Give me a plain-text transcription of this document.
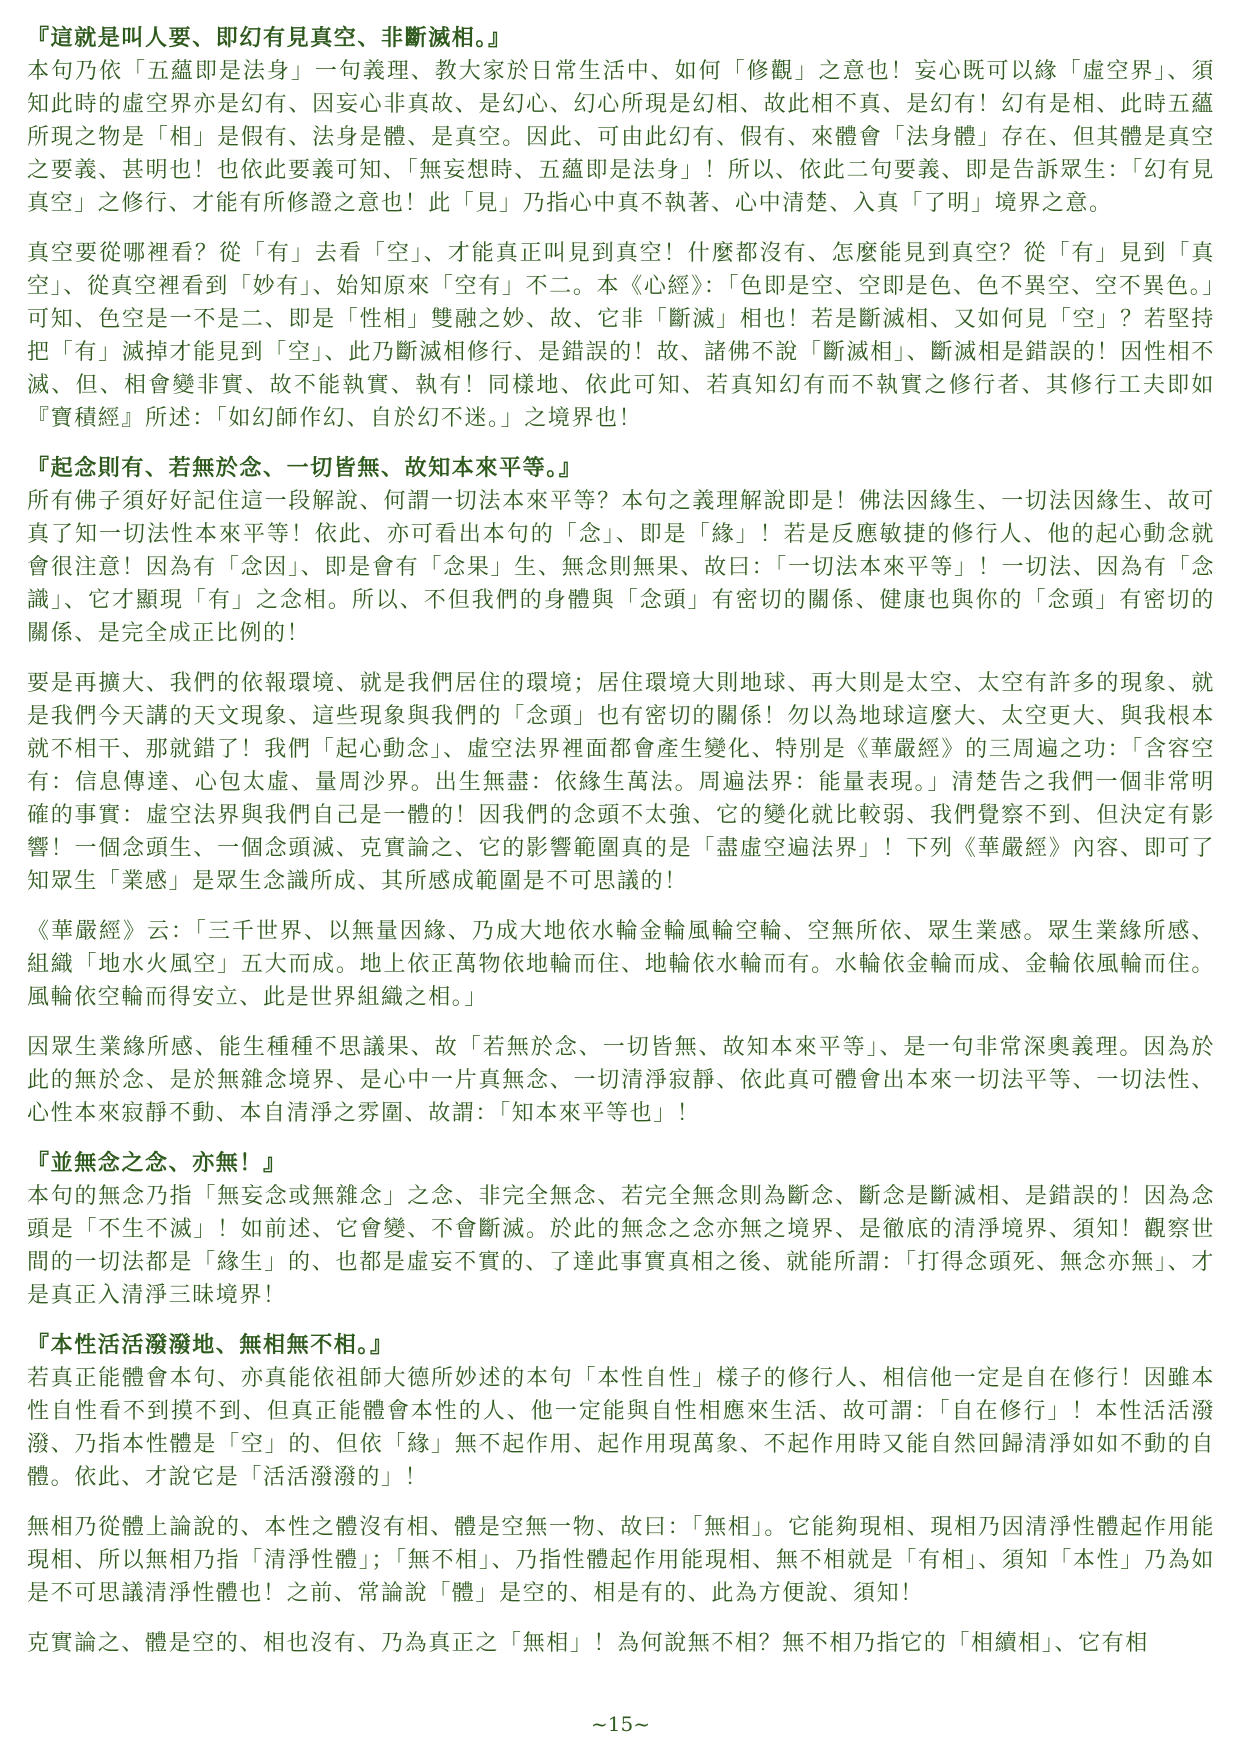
『這就是叫人要、即幻有見真空、非斷滅相。』

本句乃依「五蘊即是法身」一句義理、教大家於日常生活中、如何「修觀」之意也！妄心既可以緣「虛空界」、須知此時的虛空界亦是幻有、因妄心非真故、是幻心、幻心所現是幻相、故此相不真、是幻有！幻有是相、此時五蘊所現之物是「相」是假有、法身是體、是真空。因此、可由此幻有、假有、來體會「法身體」存在、但其體是真空之要義、甚明也！也依此要義可知、「無妄想時、五蘊即是法身」！所以、依此二句要義、即是告訴眾生：「幻有見真空」之修行、才能有所修證之意也！此「見」乃指心中真不執著、心中清楚、入真「了明」境界之意。

真空要從哪裡看？從「有」去看「空」、才能真正叫見到真空！什麼都沒有、怎麼能見到真空？從「有」見到「真空」、從真空裡看到「妙有」、始知原來「空有」不二。本《心經》：「色即是空、空即是色、色不異空、空不異色。」可知、色空是一不是二、即是「性相」雙融之妙、故、它非「斷滅」相也！若是斷滅相、又如何見「空」？若堅持把「有」滅掉才能見到「空」、此乃斷滅相修行、是錯誤的！故、諸佛不說「斷滅相」、斷滅相是錯誤的！因性相不滅、但、相會變非實、故不能執實、執有！同樣地、依此可知、若真知幻有而不執實之修行者、其修行工夫即如『寶積經』所述：「如幻師作幻、自於幻不迷。」之境界也！

『起念則有、若無於念、一切皆無、故知本來平等。』

所有佛子須好好記住這一段解說、何謂一切法本來平等？本句之義理解說即是！佛法因緣生、一切法因緣生、故可真了知一切法性本來平等！依此、亦可看出本句的「念」、即是「緣」！若是反應敏捷的修行人、他的起心動念就會很注意！因為有「念因」、即是會有「念果」生、無念則無果、故曰：「一切法本來平等」！一切法、因為有「念識」、它才顯現「有」之念相。所以、不但我們的身體與「念頭」有密切的關係、健康也與你的「念頭」有密切的關係、是完全成正比例的！

要是再擴大、我們的依報環境、就是我們居住的環境；居住環境大則地球、再大則是太空、太空有許多的現象、就是我們今天講的天文現象、這些現象與我們的「念頭」也有密切的關係！勿以為地球這麼大、太空更大、與我根本就不相干、那就錯了！我們「起心動念」、虛空法界裡面都會產生變化、特別是《華嚴經》的三周遍之功：「含容空有：信息傳達、心包太虛、量周沙界。出生無盡：依緣生萬法。周遍法界：能量表現。」清楚告之我們一個非常明確的事實：虛空法界與我們自己是一體的！因我們的念頭不太強、它的變化就比較弱、我們覺察不到、但決定有影響！一個念頭生、一個念頭滅、克實論之、它的影響範圍真的是「盡虛空遍法界」！下列《華嚴經》內容、即可了知眾生「業感」是眾生念識所成、其所感成範圍是不可思議的！

《華嚴經》云：「三千世界、以無量因緣、乃成大地依水輪金輪風輪空輪、空無所依、眾生業感。眾生業緣所感、組織「地水火風空」五大而成。地上依正萬物依地輪而住、地輪依水輪而有。水輪依金輪而成、金輪依風輪而住。風輪依空輪而得安立、此是世界組織之相。」

因眾生業緣所感、能生種種不思議果、故「若無於念、一切皆無、故知本來平等」、是一句非常深奧義理。因為於此的無於念、是於無雜念境界、是心中一片真無念、一切清淨寂靜、依此真可體會出本來一切法平等、一切法性、心性本來寂靜不動、本自清淨之雰圍、故謂：「知本來平等也」！

『並無念之念、亦無！』

本句的無念乃指「無妄念或無雜念」之念、非完全無念、若完全無念則為斷念、斷念是斷滅相、是錯誤的！因為念頭是「不生不滅」！如前述、它會變、不會斷滅。於此的無念之念亦無之境界、是徹底的清淨境界、須知！觀察世間的一切法都是「緣生」的、也都是虛妄不實的、了達此事實真相之後、就能所謂：「打得念頭死、無念亦無」、才是真正入清淨三昧境界！

『本性活活潑潑地、無相無不相。』

若真正能體會本句、亦真能依祖師大德所妙述的本句「本性自性」樣子的修行人、相信他一定是自在修行！因雖本性自性看不到摸不到、但真正能體會本性的人、他一定能與自性相應來生活、故可謂：「自在修行」！本性活活潑潑、乃指本性體是「空」的、但依「緣」無不起作用、起作用現萬象、不起作用時又能自然回歸清淨如如不動的自體。依此、才說它是「活活潑潑的」！

無相乃從體上論說的、本性之體沒有相、體是空無一物、故曰：「無相」。它能夠現相、現相乃因清淨性體起作用能現相、所以無相乃指「清淨性體」；「無不相」、乃指性體起作用能現相、無不相就是「有相」、須知「本性」乃為如是不可思議清淨性體也！之前、常論說「體」是空的、相是有的、此為方便說、須知！

克實論之、體是空的、相也沒有、乃為真正之「無相」！為何說無不相？無不相乃指它的「相續相」、它有相

~15~
